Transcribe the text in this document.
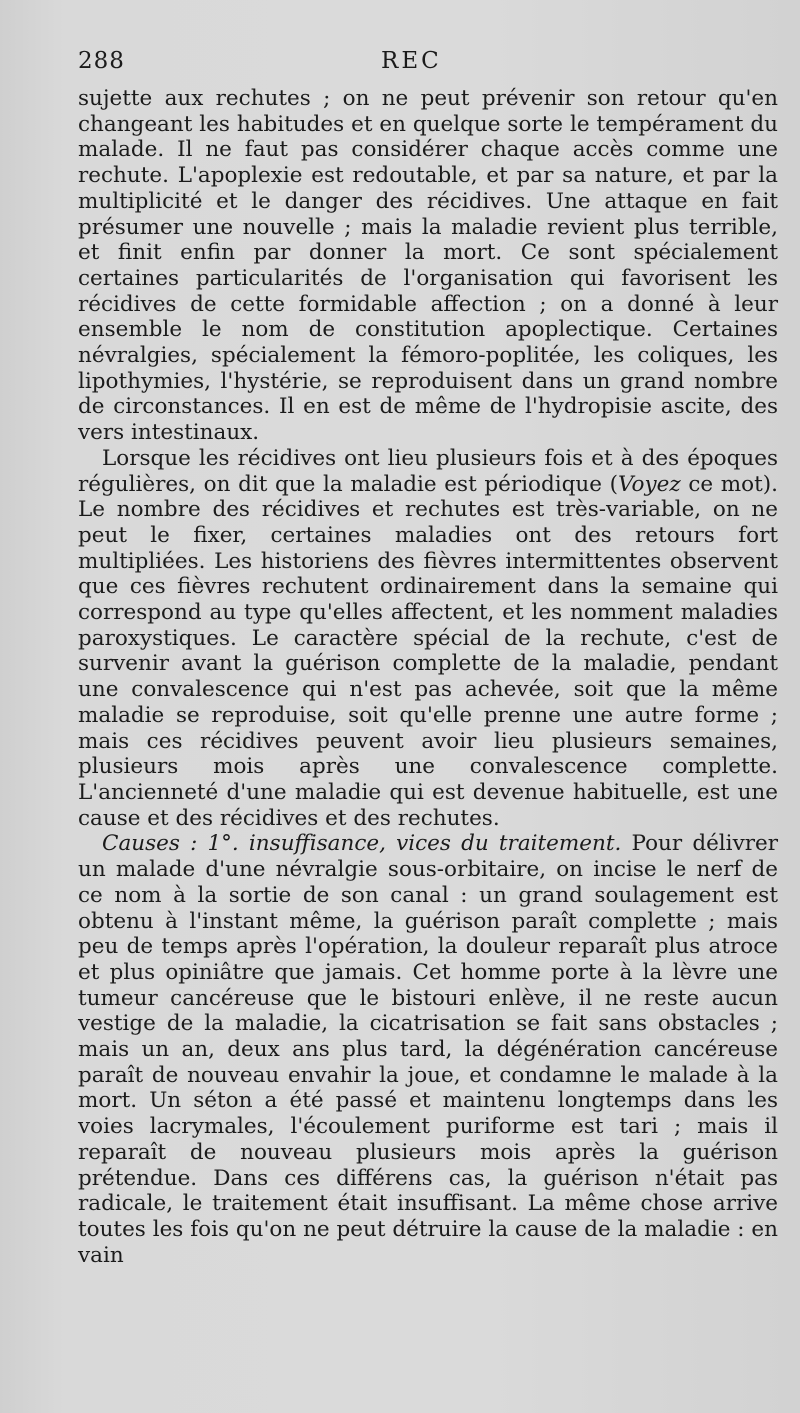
288	REC

sujette aux rechutes ; on ne peut prévenir son retour qu'en changeant les habitudes et en quelque sorte le tempérament du malade. Il ne faut pas considérer chaque accès comme une rechute. L'apoplexie est redoutable, et par sa nature, et par la multiplicité et le danger des récidives. Une attaque en fait présumer une nouvelle ; mais la maladie revient plus terrible, et finit enfin par donner la mort. Ce sont spécialement certaines particularités de l'organisation qui favorisent les récidives de cette formidable affection ; on a donné à leur ensemble le nom de constitution apoplectique. Certaines névralgies, spécialement la fémoro-poplitée, les coliques, les lipothymies, l'hystérie, se reproduisent dans un grand nombre de circonstances. Il en est de même de l'hydropisie ascite, des vers intestinaux.

Lorsque les récidives ont lieu plusieurs fois et à des époques régulières, on dit que la maladie est périodique (Voyez ce mot). Le nombre des récidives et rechutes est très-variable, on ne peut le fixer, certaines maladies ont des retours fort multipliées. Les historiens des fièvres intermittentes observent que ces fièvres rechutent ordinairement dans la semaine qui correspond au type qu'elles affectent, et les nomment maladies paroxystiques. Le caractère spécial de la rechute, c'est de survenir avant la guérison complette de la maladie, pendant une convalescence qui n'est pas achevée, soit que la même maladie se reproduise, soit qu'elle prenne une autre forme ; mais ces récidives peuvent avoir lieu plusieurs semaines, plusieurs mois après une convalescence complette. L'ancienneté d'une maladie qui est devenue habituelle, est une cause et des récidives et des rechutes.

Causes : 1°. insuffisance, vices du traitement. Pour délivrer un malade d'une névralgie sous-orbitaire, on incise le nerf de ce nom à la sortie de son canal : un grand soulagement est obtenu à l'instant même, la guérison paraît complette ; mais peu de temps après l'opération, la douleur reparaît plus atroce et plus opiniâtre que jamais. Cet homme porte à la lèvre une tumeur cancéreuse que le bistouri enlève, il ne reste aucun vestige de la maladie, la cicatrisation se fait sans obstacles ; mais un an, deux ans plus tard, la dégénération cancéreuse paraît de nouveau envahir la joue, et condamne le malade à la mort. Un séton a été passé et maintenu longtemps dans les voies lacrymales, l'écoulement puriforme est tari ; mais il reparaît de nouveau plusieurs mois après la guérison prétendue. Dans ces différens cas, la guérison n'était pas radicale, le traitement était insuffisant. La même chose arrive toutes les fois qu'on ne peut détruire la cause de la maladie : en vain
